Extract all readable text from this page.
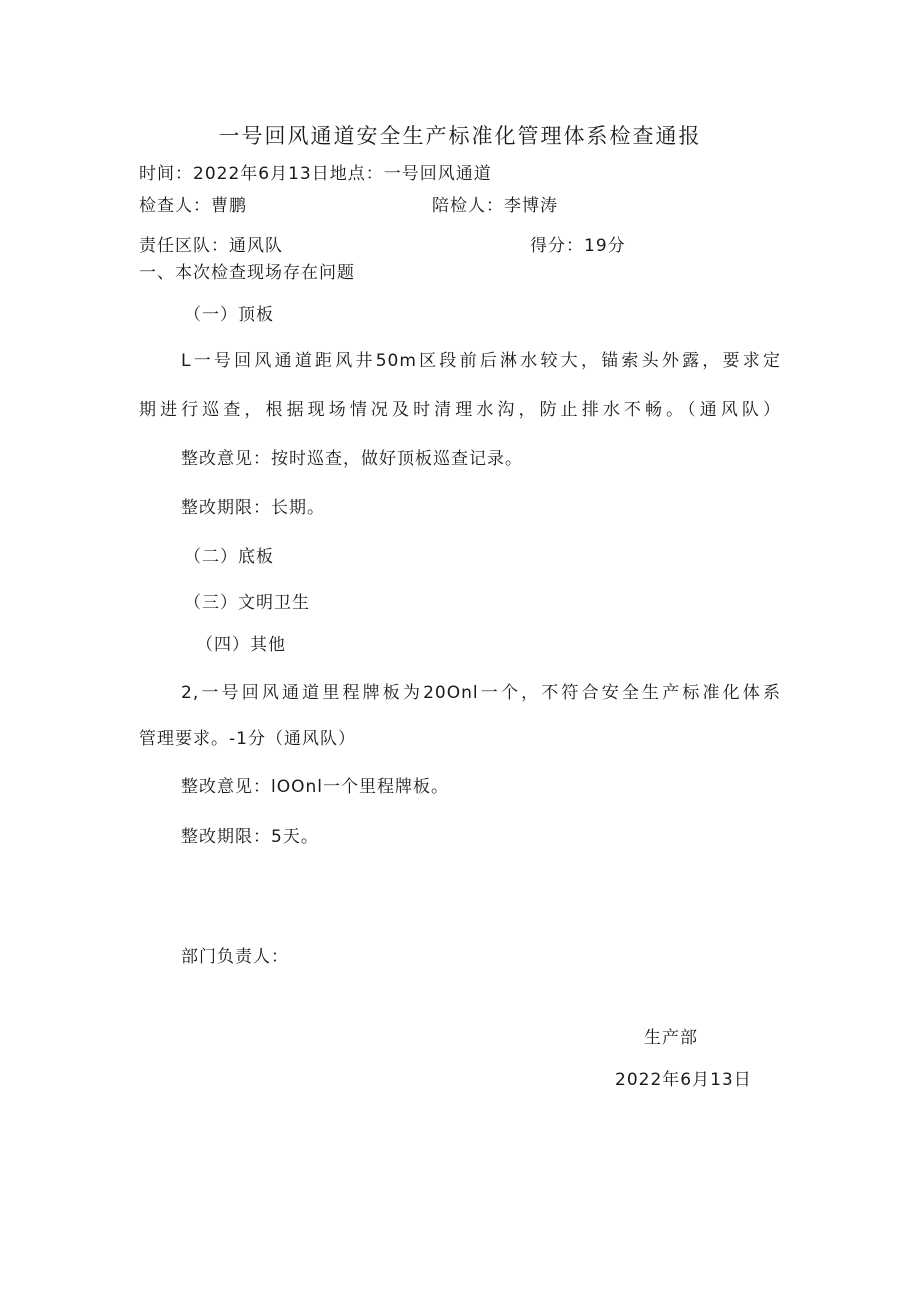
一号回风通道安全生产标准化管理体系检查通报
时间：2022年6月13日地点：一号回风通道
检查人：曹鹏	陪检人：李博涛
责任区队：通风队	得分：19分
一、本次检查现场存在问题
（一）顶板
L一号回风通道距风井50m区段前后淋水较大，锚索头外露，要求定
期进行巡查，根据现场情况及时清理水沟，防止排水不畅。（通风队）
整改意见：按时巡查，做好顶板巡查记录。
整改期限：长期。
（二）底板
（三）文明卫生
（四）其他
2,一号回风通道里程牌板为20Onl一个，不符合安全生产标准化体系
管理要求。-1分（通风队）
整改意见：lOOnl一个里程牌板。
整改期限：5天。
部门负责人：
生产部
2022年6月13日
